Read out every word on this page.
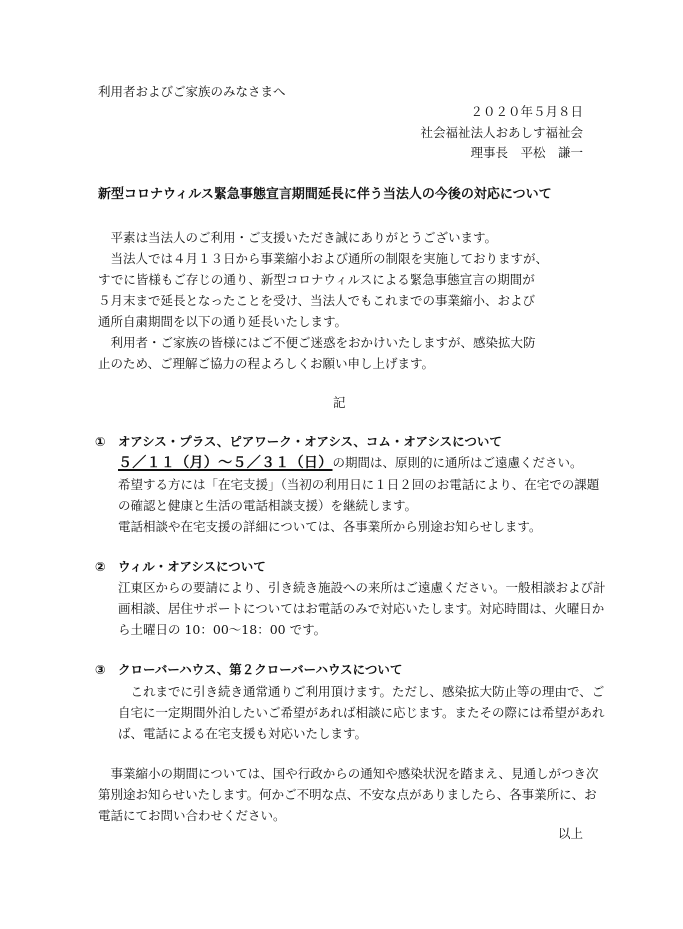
利用者およびご家族のみなさまへ
２０２０年５月８日
社会福祉法人おあしす福祉会
理事長　平松　謙一
新型コロナウィルス緊急事態宣言期間延長に伴う当法人の今後の対応について
　平素は当法人のご利用・ご支援いただき誠にありがとうございます。
　当法人では４月１３日から事業縮小および通所の制限を実施しておりますが、
すでに皆様もご存じの通り、新型コロナウィルスによる緊急事態宣言の期間が
５月末まで延長となったことを受け、当法人でもこれまでの事業縮小、および
通所自粛期間を以下の通り延長いたします。
　利用者・ご家族の皆様にはご不便ご迷惑をおかけいたしますが、感染拡大防
止のため、ご理解ご協力の程よろしくお願い申し上げます。
記
① オアシス・プラス、ピアワーク・オアシス、コム・オアシスについて
５／１１（月）～５／３１（日）の期間は、原則的に通所はご遠慮ください。
希望する方には「在宅支援」（当初の利用日に１日２回のお電話により、在宅での課題
の確認と健康と生活の電話相談支援）を継続します。
電話相談や在宅支援の詳細については、各事業所から別途お知らせします。
② ウィル・オアシスについて
江東区からの要請により、引き続き施設への来所はご遠慮ください。一般相談および計
画相談、居住サポートについてはお電話のみで対応いたします。対応時間は、火曜日か
ら土曜日の 10：00～18：00 です。
③ クローバーハウス、第２クローバーハウスについて
　これまでに引き続き通常通りご利用頂けます。ただし、感染拡大防止等の理由で、ご
自宅に一定期間外泊したいご希望があれば相談に応じます。またその際には希望があれ
ば、電話による在宅支援も対応いたします。
　事業縮小の期間については、国や行政からの通知や感染状況を踏まえ、見通しがつき次
第別途お知らせいたします。何かご不明な点、不安な点がありましたら、各事業所に、お
電話にてお問い合わせください。
以上
